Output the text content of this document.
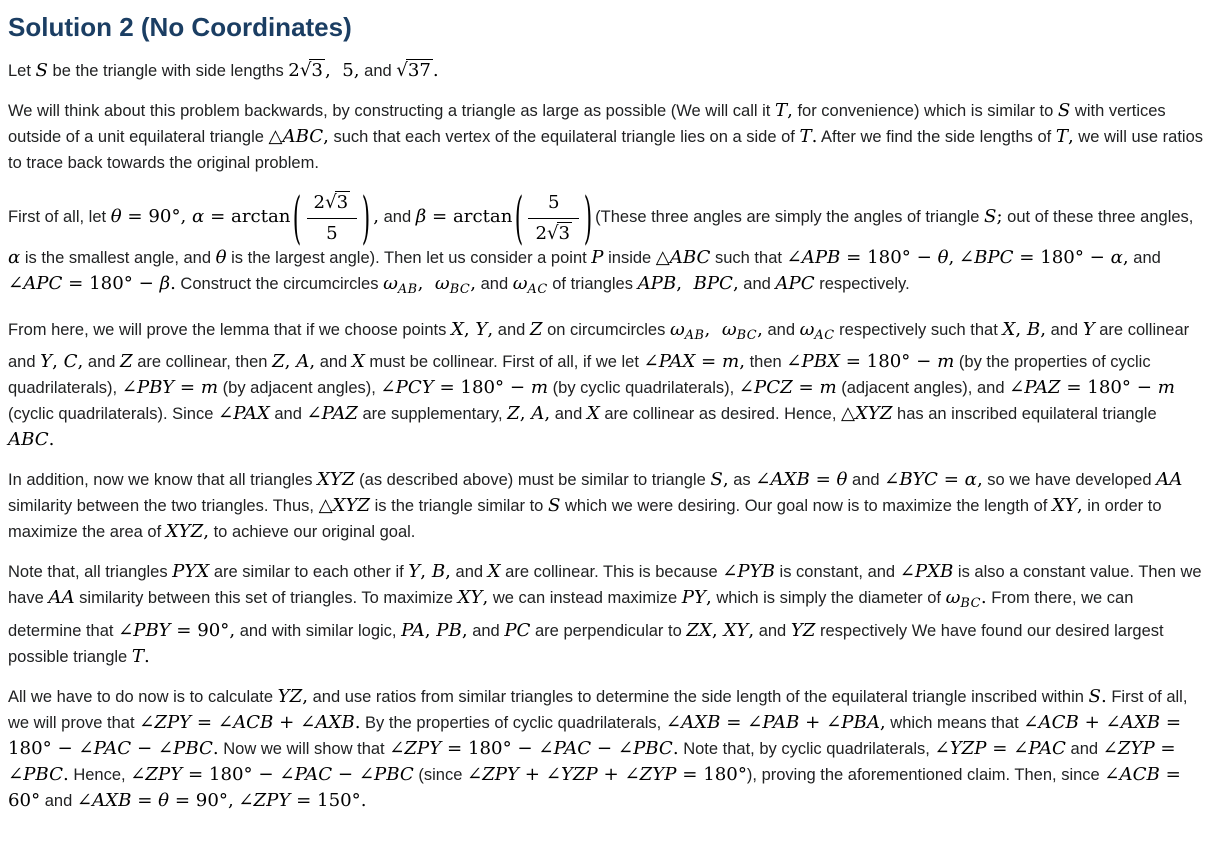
Solution 2 (No Coordinates)

Let S be the triangle with side lengths 2√3 ,  5, and √37 .

We will think about this problem backwards, by constructing a triangle as large as possible (We will call it T, for convenience) which is similar to S with vertices outside of a unit equilateral triangle △ABC, such that each vertex of the equilateral triangle lies on a side of T. After we find the side lengths of T, we will use ratios to trace back towards the original problem.

First of all, let θ = 90°, α = arctan ( $\frac{2√3}{5}$ ) , and β = arctan ( $\frac{5}{2√3}$ ) (These three angles are simply the angles of triangle S; out of these three angles, α is the smallest angle, and θ is the largest angle). Then let us consider a point P inside △ABC such that ∠APB = 180° − θ, ∠BPC = 180° − α, and ∠APC = 180° − β. Construct the circumcircles $\omega_{AB}$,  $\omega_{BC}$, and $\omega_{AC}$ of triangles APB,  BPC, and APC respectively.

From here, we will prove the lemma that if we choose points X, Y, and Z on circumcircles $\omega_{AB}$,  $\omega_{BC}$, and $\omega_{AC}$ respectively such that X, B, and Y are collinear and Y, C, and Z are collinear, then Z, A, and X must be collinear. First of all, if we let ∠PAX = m, then ∠PBX = 180° − m (by the properties of cyclic quadrilaterals), ∠PBY = m (by adjacent angles), ∠PCY = 180° − m (by cyclic quadrilaterals), ∠PCZ = m (adjacent angles), and ∠PAZ = 180° − m (cyclic quadrilaterals). Since ∠PAX and ∠PAZ are supplementary, Z, A, and X are collinear as desired. Hence, △XYZ has an inscribed equilateral triangle ABC.

In addition, now we know that all triangles XYZ (as described above) must be similar to triangle S, as ∠AXB = θ and ∠BYC = α, so we have developed AA similarity between the two triangles. Thus, △XYZ is the triangle similar to S which we were desiring. Our goal now is to maximize the length of XY, in order to maximize the area of XYZ, to achieve our original goal.

Note that, all triangles PYX are similar to each other if Y, B, and X are collinear. This is because ∠PYB is constant, and ∠PXB is also a constant value. Then we have AA similarity between this set of triangles. To maximize XY, we can instead maximize PY, which is simply the diameter of $\omega_{BC}$. From there, we can determine that ∠PBY = 90°, and with similar logic, PA, PB, and PC are perpendicular to ZX, XY, and YZ respectively We have found our desired largest possible triangle T.

All we have to do now is to calculate YZ, and use ratios from similar triangles to determine the side length of the equilateral triangle inscribed within S. First of all, we will prove that ∠ZPY = ∠ACB + ∠AXB. By the properties of cyclic quadrilaterals, ∠AXB = ∠PAB + ∠PBA, which means that ∠ACB + ∠AXB = 180° − ∠PAC − ∠PBC. Now we will show that ∠ZPY = 180° − ∠PAC − ∠PBC. Note that, by cyclic quadrilaterals, ∠YZP = ∠PAC and ∠ZYP = ∠PBC. Hence, ∠ZPY = 180° − ∠PAC − ∠PBC (since ∠ZPY + ∠YZP + ∠ZYP = 180°), proving the aforementioned claim. Then, since ∠ACB = 60° and ∠AXB = θ = 90°, ∠ZPY = 150°.
